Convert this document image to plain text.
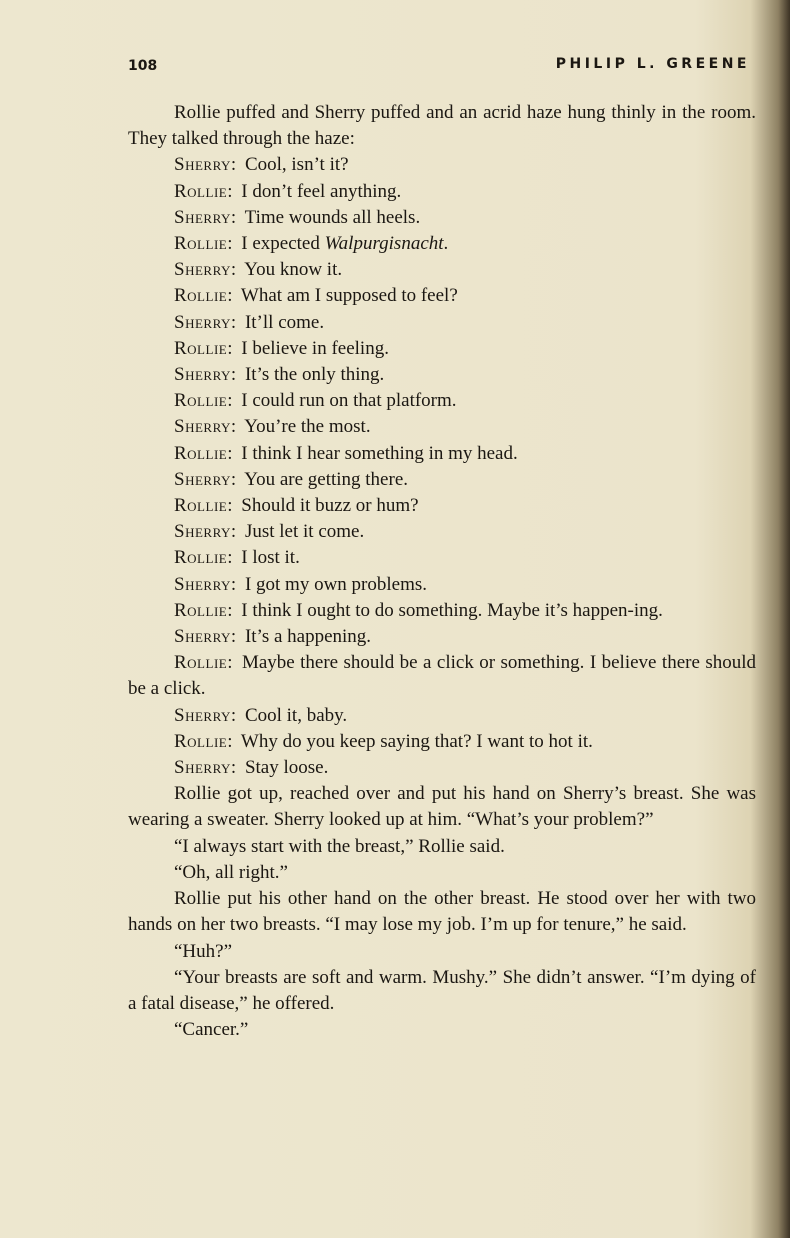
108	PHILIP L. GREENE

Rollie puffed and Sherry puffed and an acrid haze hung thinly in the room. They talked through the haze:

Sherry: Cool, isn’t it?

Rollie: I don’t feel anything.

Sherry: Time wounds all heels.

Rollie: I expected Walpurgisnacht.

Sherry: You know it.

Rollie: What am I supposed to feel?

Sherry: It’ll come.

Rollie: I believe in feeling.

Sherry: It’s the only thing.

Rollie: I could run on that platform.

Sherry: You’re the most.

Rollie: I think I hear something in my head.

Sherry: You are getting there.

Rollie: Should it buzz or hum?

Sherry: Just let it come.

Rollie: I lost it.

Sherry: I got my own problems.

Rollie: I think I ought to do something. Maybe it’s happen-ing.

Sherry: It’s a happening.

Rollie: Maybe there should be a click or something. I believe there should be a click.

Sherry: Cool it, baby.

Rollie: Why do you keep saying that? I want to hot it.

Sherry: Stay loose.

Rollie got up, reached over and put his hand on Sherry’s breast. She was wearing a sweater. Sherry looked up at him. “What’s your problem?”

“I always start with the breast,” Rollie said.

“Oh, all right.”

Rollie put his other hand on the other breast. He stood over her with two hands on her two breasts. “I may lose my job. I’m up for tenure,” he said.

“Huh?”

“Your breasts are soft and warm. Mushy.” She didn’t answer. “I’m dying of a fatal disease,” he offered.

“Cancer.”
